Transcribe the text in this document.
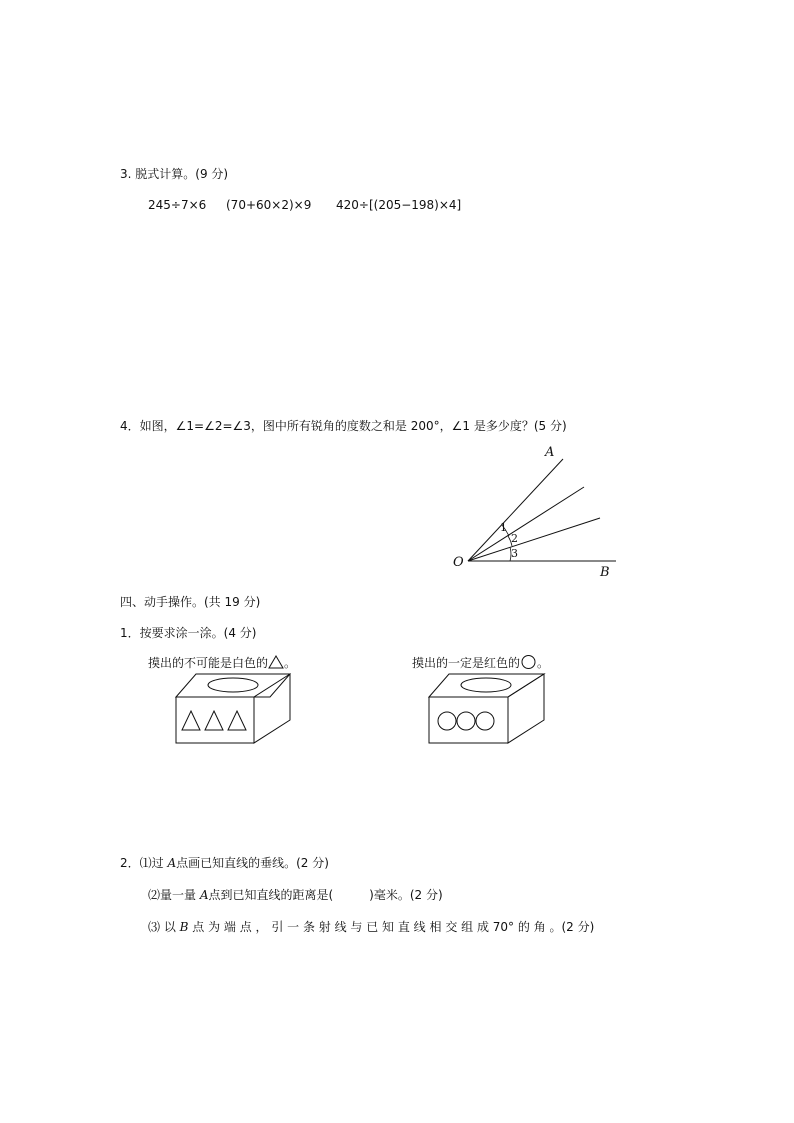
3. 脱式计算。(9 分)
245÷7×6 (70+60×2)×9 420÷[(205−198)×4]
4．如图，∠1=∠2=∠3，图中所有锐角的度数之和是 200°，∠1 是多少度？(5 分)
A
O
B
1
2
3
四、动手操作。(共 19 分)
1．按要求涂一涂。(4 分)
摸出的不可能是白色的 。	摸出的一定是红色的 。
2．⑴过 A点画已知直线的垂线。(2 分)
⑵量一量 A点到已知直线的距离是(　　　)毫米。(2 分)
⑶ 以 B 点 为 端 点 ， 引 一 条 射 线 与 已 知 直 线 相 交 组 成 70° 的 角 。(2 分)
